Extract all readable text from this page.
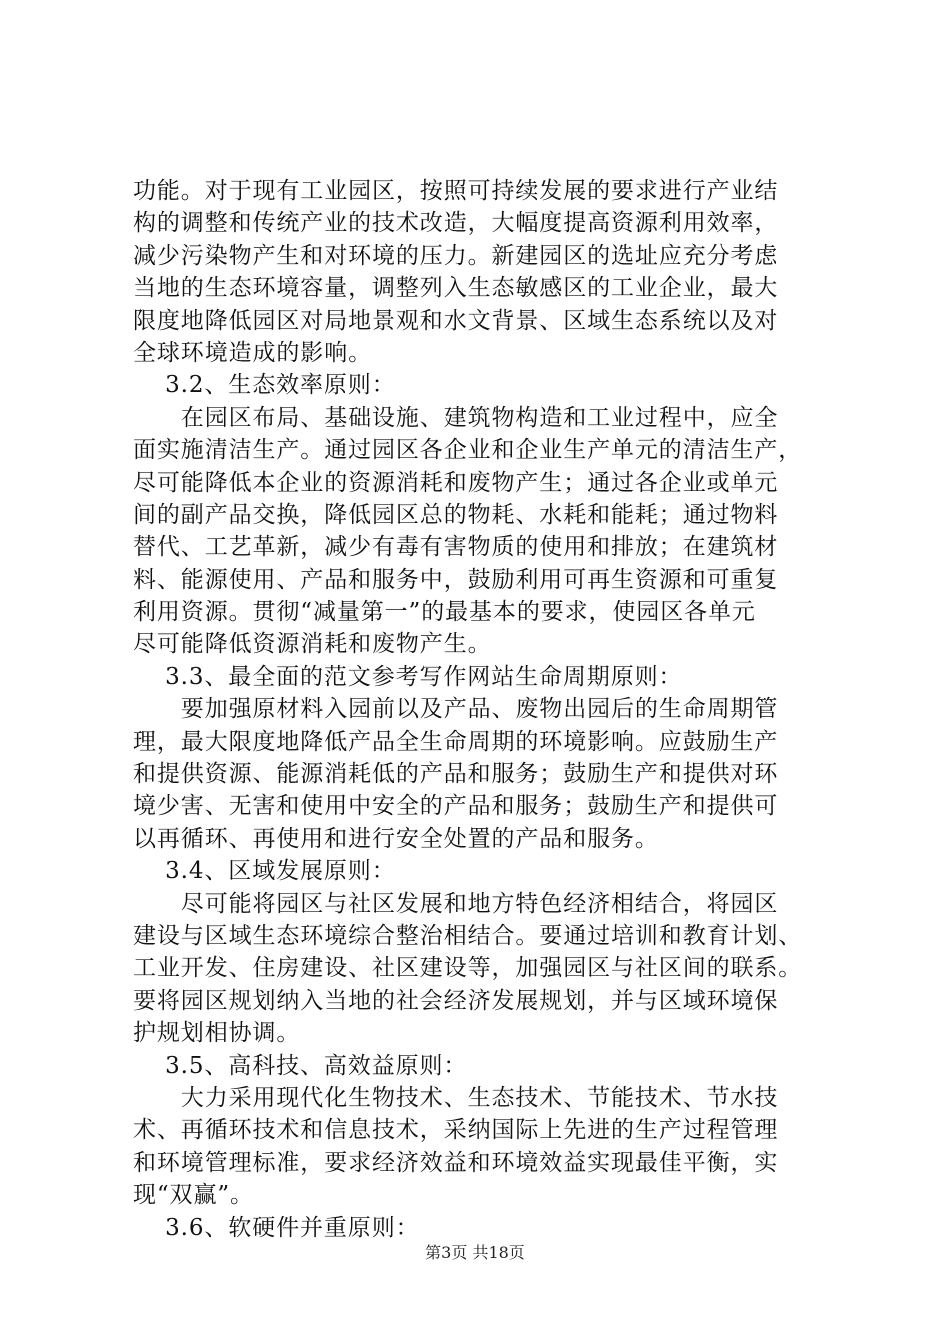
功能。对于现有工业园区，按照可持续发展的要求进行产业结
构的调整和传统产业的技术改造，大幅度提高资源利用效率，
减少污染物产生和对环境的压力。新建园区的选址应充分考虑
当地的生态环境容量，调整列入生态敏感区的工业企业，最大
限度地降低园区对局地景观和水文背景、区域生态系统以及对
全球环境造成的影响。
　 3.2、生态效率原则：
　　在园区布局、基础设施、建筑物构造和工业过程中，应全
面实施清洁生产。通过园区各企业和企业生产单元的清洁生产，
尽可能降低本企业的资源消耗和废物产生；通过各企业或单元
间的副产品交换，降低园区总的物耗、水耗和能耗；通过物料
替代、工艺革新，减少有毒有害物质的使用和排放；在建筑材
料、能源使用、产品和服务中，鼓励利用可再生资源和可重复
利用资源。贯彻“减量第一”的最基本的要求，使园区各单元
尽可能降低资源消耗和废物产生。
　 3.3、最全面的范文参考写作网站生命周期原则：
　　要加强原材料入园前以及产品、废物出园后的生命周期管
理，最大限度地降低产品全生命周期的环境影响。应鼓励生产
和提供资源、能源消耗低的产品和服务；鼓励生产和提供对环
境少害、无害和使用中安全的产品和服务；鼓励生产和提供可
以再循环、再使用和进行安全处置的产品和服务。
　 3.4、区域发展原则：
　　尽可能将园区与社区发展和地方特色经济相结合，将园区
建设与区域生态环境综合整治相结合。要通过培训和教育计划、
工业开发、住房建设、社区建设等，加强园区与社区间的联系。
要将园区规划纳入当地的社会经济发展规划，并与区域环境保
护规划相协调。
　 3.5、高科技、高效益原则：
　　大力采用现代化生物技术、生态技术、节能技术、节水技
术、再循环技术和信息技术，采纳国际上先进的生产过程管理
和环境管理标准，要求经济效益和环境效益实现最佳平衡，实
现“双赢”。
　 3.6、软硬件并重原则：
第3页 共18页
